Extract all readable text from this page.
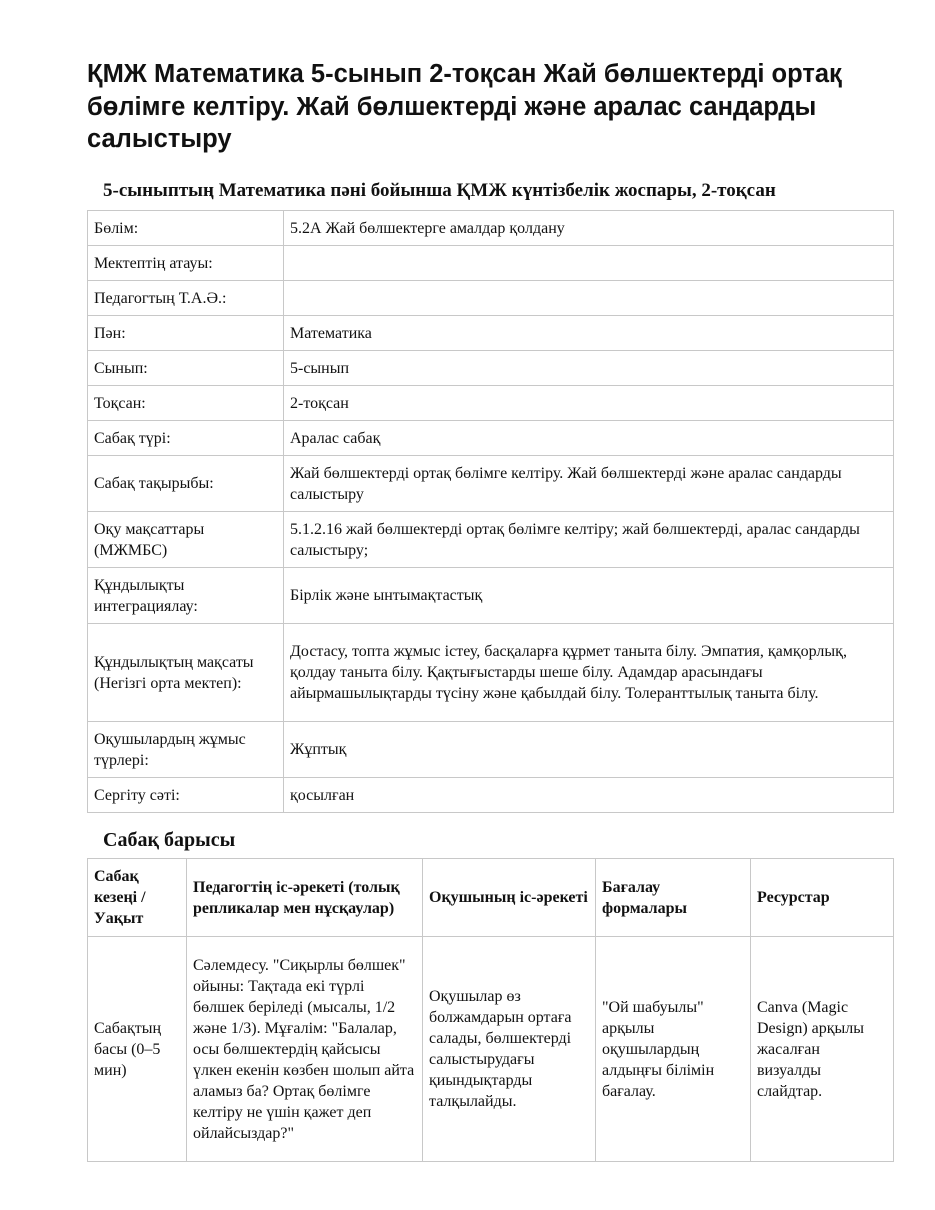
ҚМЖ Математика 5-сынып 2-тоқсан Жай бөлшектерді ортақ бөлімге келтіру. Жай бөлшектерді және аралас сандарды салыстыру
5-сыныптың Математика пәні бойынша ҚМЖ күнтізбелік жоспары, 2-тоқсан
Бөлім:	5.2А Жай бөлшектерге амалдар қолдану
Мектептің атауы:	
Педагогтың Т.А.Ә.:	
Пән:	Математика
Сынып:	5-сынып
Тоқсан:	2-тоқсан
Сабақ түрі:	Аралас сабақ
Сабақ тақырыбы:	Жай бөлшектерді ортақ бөлімге келтіру. Жай бөлшектерді және аралас сандарды салыстыру
Оқу мақсаттары (МЖМБС)	5.1.2.16 жай бөлшектерді ортақ бөлімге келтіру; жай бөлшектерді, аралас сандарды салыстыру;
Құндылықты интеграциялау:	Бірлік және ынтымақтастық
Құндылықтың мақсаты (Негізгі орта мектеп):	Достасу, топта жұмыс істеу, басқаларға құрмет таныта білу. Эмпатия, қамқорлық, қолдау таныта білу. Қақтығыстарды шеше білу. Адамдар арасындағы айырмашылықтарды түсіну және қабылдай білу. Толеранттылық таныта білу.
Оқушылардың жұмыс түрлері:	Жұптық
Сергіту сәті:	қосылған
Сабақ барысы
Сабақ кезеңі / Уақыт	Педагогтің іс-әрекеті (толық репликалар мен нұсқаулар)	Оқушының іс-әрекеті	Бағалау формалары	Ресурстар
Сабақтың басы (0–5 мин)	Сәлемдесу. "Сиқырлы бөлшек" ойыны: Тақтада екі түрлі бөлшек беріледі (мысалы, 1/2 және 1/3). Мұғалім: "Балалар, осы бөлшектердің қайсысы үлкен екенін көзбен шолып айта аламыз ба? Ортақ бөлімге келтіру не үшін қажет деп ойлайсыздар?"	Оқушылар өз болжамдарын ортаға салады, бөлшектерді салыстырудағы қиындықтарды талқылайды.	"Ой шабуылы" арқылы оқушылардың алдыңғы білімін бағалау.	Canva (Magic Design) арқылы жасалған визуалды слайдтар.
